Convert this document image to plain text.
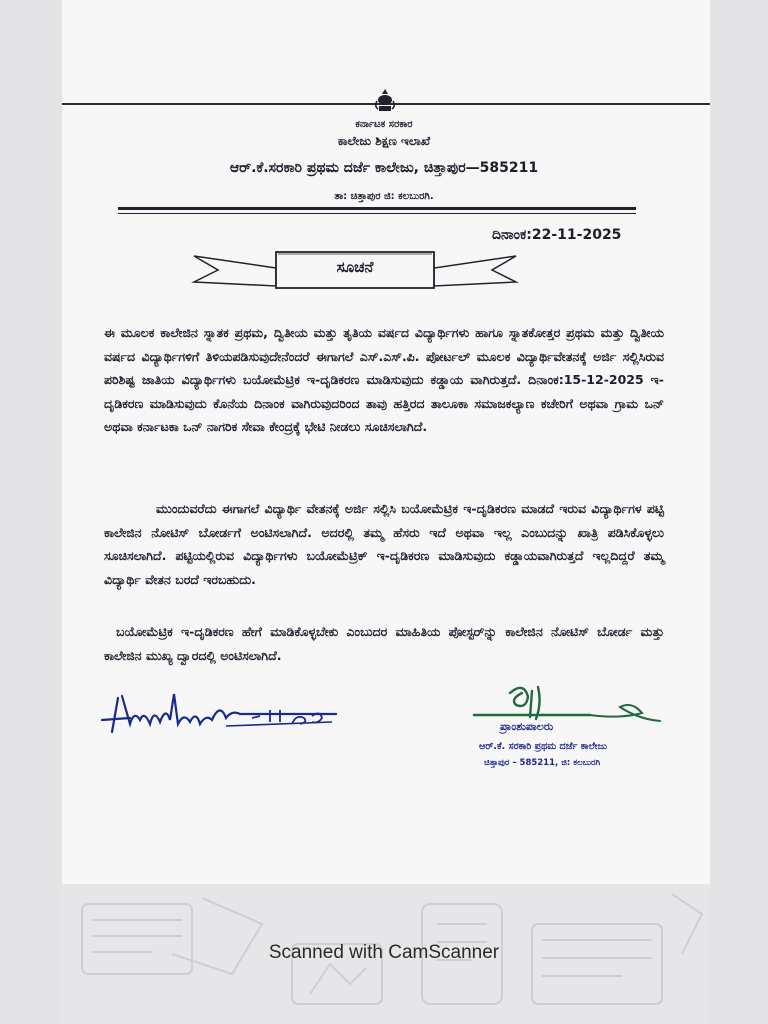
ಕರ್ನಾಟಕ ಸರಕಾರ
ಕಾಲೇಜು ಶಿಕ್ಷಣ ಇಲಾಖೆ
ಆರ್.ಕೆ.ಸರಕಾರಿ ಪ್ರಥಮ ದರ್ಜೆ ಕಾಲೇಜು, ಚಿತ್ತಾಪುರ—585211
ತಾ: ಚಿತ್ತಾಪುರ ಜಿ: ಕಲಬುರಗಿ.
ದಿನಾಂಕ:22-11-2025
ಸೂಚನೆ

ಈ ಮೂಲಕ ಕಾಲೇಜಿನ ಸ್ನಾತಕ ಪ್ರಥಮ, ದ್ವಿತೀಯ ಮತ್ತು ತೃತಿಯ ವರ್ಷದ ವಿದ್ಯಾರ್ಥಿಗಳು ಹಾಗೂ ಸ್ನಾತಕೋತ್ತರ ಪ್ರಥಮ ಮತ್ತು ದ್ವಿತೀಯ ವರ್ಷದ ವಿದ್ಯಾರ್ಥಿಗಳಿಗೆ ತಿಳಿಯಪಡಿಸುವುದೇನೆಂದರೆ ಈಗಾಗಲೆ ಎಸ್.ಎಸ್.ಪಿ. ಪೋರ್ಟಲ್ ಮೂಲಕ ವಿದ್ಯಾರ್ಥಿವೇತನಕ್ಕೆ ಅರ್ಜಿ ಸಲ್ಲಿಸಿರುವ ಪರಿಶಿಷ್ಟ ಜಾತಿಯ ವಿದ್ಯಾರ್ಥಿಗಳು ಬಯೋಮೆಟ್ರಿಕ ಇ-ದೃಡಿಕರಣ ಮಾಡಿಸುವುದು ಕಡ್ಡಾಯ ವಾಗಿರುತ್ತದೆ. ದಿನಾಂಕ:15-12-2025 ಇ-ದೃಡಿಕರಣ ಮಾಡಿಸುವುದು ಕೊನೆಯ ದಿನಾಂಕ ವಾಗಿರುವುದರಿಂದ ತಾವು ಹತ್ತಿರದ ತಾಲೂಕಾ ಸಮಾಜಕಲ್ಯಾಣ ಕಚೇರಿಗೆ ಅಥವಾ ಗ್ರಾಮ ಒನ್ ಅಥವಾ ಕರ್ನಾಟಕಾ ಒನ್ ನಾಗರಿಕ ಸೇವಾ ಕೇಂದ್ರಕ್ಕೆ ಭೇಟಿ ನೀಡಲು ಸೂಚಿಸಲಾಗಿದೆ.

ಮುಂದುವರೆದು ಈಗಾಗಲೆ ವಿದ್ಯಾರ್ಥಿ ವೇತನಕ್ಕೆ ಅರ್ಜಿ ಸಲ್ಲಿಸಿ ಬಯೋಮೆಟ್ರಿಕ ಇ-ದೃಡಿಕರಣ ಮಾಡದೆ ಇರುವ ವಿದ್ಯಾರ್ಥಿಗಳ ಪಟ್ಟಿ ಕಾಲೇಜಿನ ನೋಟಿಸ್ ಬೋರ್ಡಗೆ ಅಂಟಿಸಲಾಗಿದೆ. ಅದರಲ್ಲಿ ತಮ್ಮ ಹೆಸರು ಇದೆ ಅಥವಾ ಇಲ್ಲ ಎಂಬುದನ್ನು ಖಾತ್ರಿ ಪಡಿಸಿಕೊಳ್ಳಲು ಸೂಚಿಸಲಾಗಿದೆ. ಪಟ್ಟಿಯಲ್ಲಿರುವ ವಿದ್ಯಾರ್ಥಿಗಳು ಬಯೋಮೆಟ್ರಿಕ್ ಇ-ದೃಡಿಕರಣ ಮಾಡಿಸುವುದು ಕಡ್ಡಾಯವಾಗಿರುತ್ತದೆ ಇಲ್ಲದಿದ್ದರೆ ತಮ್ಮ ವಿದ್ಯಾರ್ಥಿ ವೇತನ ಬರದೆ ಇರಬಹುದು.

ಬಯೋಮೆಟ್ರಿಕ ಇ-ದೃಡಿಕರಣ ಹೇಗೆ ಮಾಡಿಕೊಳ್ಳಬೇಕು ಎಂಬುದರ ಮಾಹಿತಿಯ ಪೋಸ್ಟರ್‌ನ್ನು ಕಾಲೇಜಿನ ನೋಟಿಸ್ ಬೋರ್ಡ ಮತ್ತು ಕಾಲೇಜಿನ ಮುಖ್ಯ ದ್ವಾರದಲ್ಲಿ ಅಂಟಿಸಲಾಗಿದೆ.

ಪ್ರಾಂಶುಪಾಲರು
ಆರ್.ಕೆ. ಸರಕಾರಿ ಪ್ರಥಮ ದರ್ಜೆ ಕಾಲೇಜು
ಚಿತ್ತಾಪುರ – 585211, ಜಿ: ಕಲಬುರಗಿ
Scanned with CamScanner
